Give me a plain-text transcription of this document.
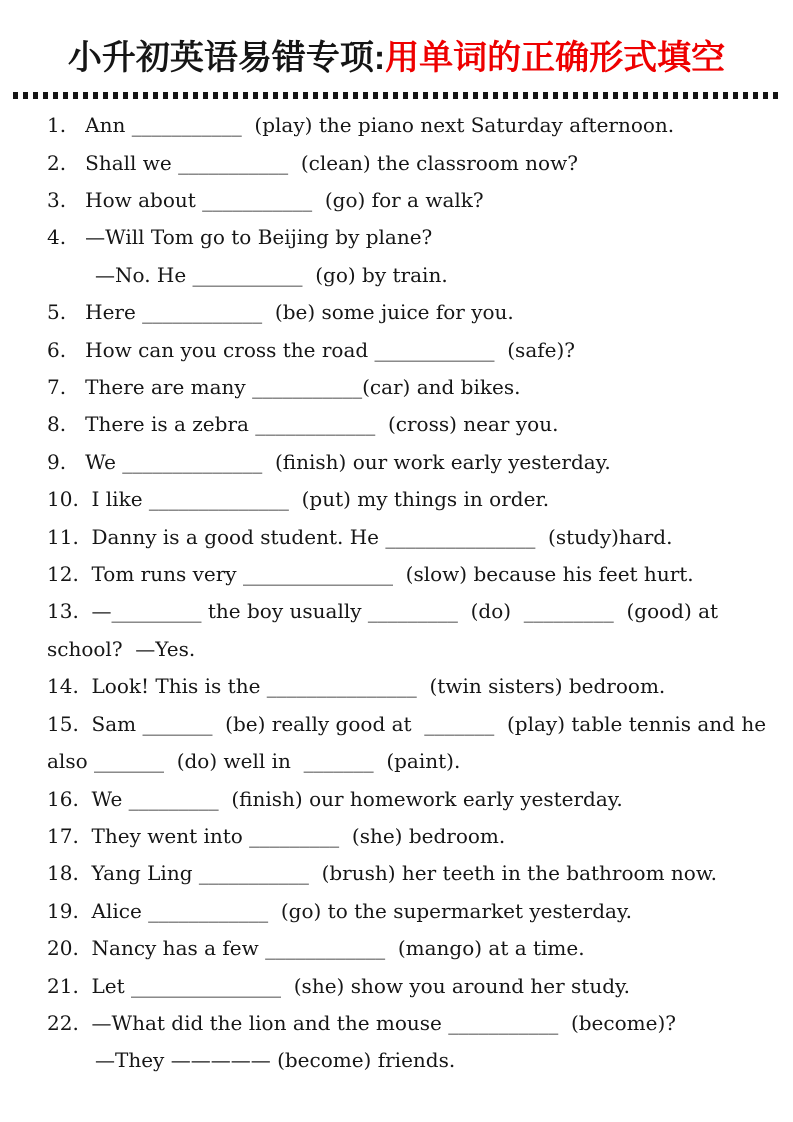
小升初英语易错专项:用单词的正确形式填空
1.   Ann ___________  (play) the piano next Saturday afternoon.
2.   Shall we ___________  (clean) the classroom now?
3.   How about ___________  (go) for a walk?
4.   —Will Tom go to Beijing by plane?
—No. He ___________  (go) by train.
5.   Here ____________  (be) some juice for you.
6.   How can you cross the road ____________  (safe)?
7.   There are many ___________(car) and bikes.
8.   There is a zebra ____________  (cross) near you.
9.   We ______________  (finish) our work early yesterday.
10.  I like ______________  (put) my things in order.
11.  Danny is a good student. He _______________  (study)hard.
12.  Tom runs very _______________  (slow) because his feet hurt.
13.  —_________ the boy usually _________  (do)  _________  (good) at
school?  —Yes.
14.  Look! This is the _______________  (twin sisters) bedroom.
15.  Sam _______  (be) really good at  _______  (play) table tennis and he
also _______  (do) well in  _______  (paint).
16.  We _________  (finish) our homework early yesterday.
17.  They went into _________  (she) bedroom.
18.  Yang Ling ___________  (brush) her teeth in the bathroom now.
19.  Alice ____________  (go) to the supermarket yesterday.
20.  Nancy has a few ____________  (mango) at a time.
21.  Let _______________  (she) show you around her study.
22.  —What did the lion and the mouse ___________  (become)?
—They ————— (become) friends.
